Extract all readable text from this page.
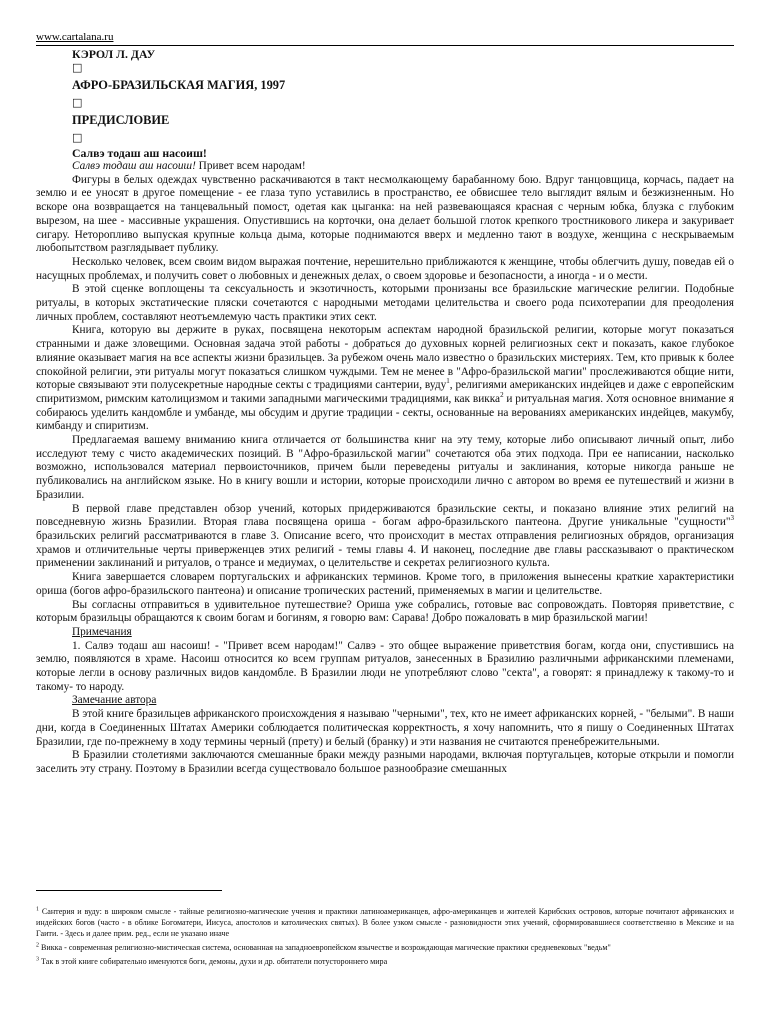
www.cartalana.ru
КЭРОЛ Л. ДАУ
□
АФРО-БРАЗИЛЬСКАЯ МАГИЯ, 1997
□
ПРЕДИСЛОВИЕ
□
Салвэ тодаш аш насоиш!

Салвэ тодаш аш насоиш! Привет всем народам!

Фигуры в белых одеждах чувственно раскачиваются в такт несмолкающему барабанному бою. Вдруг танцовщица, корчась, падает на землю и ее уносят в другое помещение - ее глаза тупо уставились в пространство, ее обвисшее тело выглядит вялым и безжизненным. Но вскоре она возвращается на танцевальный помост, одетая как цыганка: на ней развевающаяся красная с черным юбка, блузка с глубоким вырезом, на шее - массивные украшения. Опустившись на корточки, она делает большой глоток крепкого тростникового ликера и закуривает сигару. Неторопливо выпуская крупные кольца дыма, которые поднимаются вверх и медленно тают в воздухе, женщина с нескрываемым любопытством разглядывает публику.

Несколько человек, всем своим видом выражая почтение, нерешительно приближаются к женщине, чтобы облегчить душу, поведав ей о насущных проблемах, и получить совет о любовных и денежных делах, о своем здоровье и безопасности, а иногда - и о мести.

В этой сценке воплощены та сексуальность и экзотичность, которыми пронизаны все бразильские магические религии. Подобные ритуалы, в которых экстатические пляски сочетаются с народными методами целительства и своего рода психотерапии для преодоления личных проблем, составляют неотъемлемую часть практики этих сект.

Книга, которую вы держите в руках, посвящена некоторым аспектам народной бразильской религии, которые могут показаться странными и даже зловещими. Основная задача этой работы - добраться до духовных корней религиозных сект и показать, какое глубокое влияние оказывает магия на все аспекты жизни бразильцев. За рубежом очень мало известно о бразильских мистериях. Тем, кто привык к более спокойной религии, эти ритуалы могут показаться слишком чуждыми. Тем не менее в "Афро-бразильской магии" прослеживаются общие нити, которые связывают эти полусекретные народные секты с традициями сантерии, вуду$^1$, религиями американских индейцев и даже с европейским спиритизмом, римским католицизмом и такими западными магическими традициями, как викка$^2$ и ритуальная магия. Хотя основное внимание я собираюсь уделить кандомбле и умбанде, мы обсудим и другие традиции - секты, основанные на верованиях американских индейцев, макумбу, кимбанду и спиритизм.

Предлагаемая вашему вниманию книга отличается от большинства книг на эту тему, которые либо описывают личный опыт, либо исследуют тему с чисто академических позиций. В "Афро-бразильской магии" сочетаются оба этих подхода. При ее написании, насколько возможно, использовался материал первоисточников, причем были переведены ритуалы и заклинания, которые никогда раньше не публиковались на английском языке. Но в книгу вошли и истории, которые происходили лично с автором во время ее путешествий и жизни в Бразилии.

В первой главе представлен обзор учений, которых придерживаются бразильские секты, и показано влияние этих религий на повседневную жизнь Бразилии. Вторая глава посвящена ориша - богам афро-бразильского пантеона. Другие уникальные "сущности"$^3$ бразильских религий рассматриваются в главе 3. Описание всего, что происходит в местах отправления религиозных обрядов, организация храмов и отличительные черты приверженцев этих религий - темы главы 4. И наконец, последние две главы рассказывают о практическом применении заклинаний и ритуалов, о трансе и медиумах, о целительстве и секретах религиозного культа.

Книга завершается словарем португальских и африканских терминов. Кроме того, в приложения вынесены краткие характеристики ориша (богов афро-бразильского пантеона) и описание тропических растений, применяемых в магии и целительстве.

Вы согласны отправиться в удивительное путешествие? Ориша уже собрались, готовые вас сопровождать. Повторяя приветствие, с которым бразильцы обращаются к своим богам и богиням, я говорю вам: Сарава! Добро пожаловать в мир бразильской магии!

Примечания

1. Салвэ тодаш аш насоиш! - "Привет всем народам!" Салвэ - это общее выражение приветствия богам, когда они, спустившись на землю, появляются в храме. Насоиш относится ко всем группам ритуалов, занесенных в Бразилию различными африканскими племенами, которые легли в основу различных видов кандомбле. В Бразилии люди не употребляют слово "секта", а говорят: я принадлежу к такому-то и такому- то народу.

Замечание автора

В этой книге бразильцев африканского происхождения я называю "черными", тех, кто не имеет африканских корней, - "белыми". В наши дни, когда в Соединенных Штатах Америки соблюдается политическая корректность, я хочу напомнить, что я пишу о Соединенных Штатах Бразилии, где по-прежнему в ходу термины черный (прету) и белый (бранку) и эти названия не считаются пренебрежительными.

В Бразилии столетиями заключаются смешанные браки между разными народами, включая португальцев, которые открыли и помогли заселить эту страну. Поэтому в Бразилии всегда существовало большое разнообразие смешанных

$^1$ Сантерия и вуду: в широком смысле - тайные религиозно-магические учения и практики латиноамериканцев, афро-американцев и жителей Карибских островов, которые почитают африканских и индейских богов (часто - в облике Богоматери, Иисуса, апостолов и католических святых). В более узком смысле - разновидности этих учений, сформировавшиеся соответственно в Мексике и на Гаити. - Здесь и далее прим. ред., если не указано иначе

$^2$ Викка - современная религиозно-мистическая система, основанная на западноевропейском язычестве и возрождающая магические практики средневековых "ведьм"

$^3$ Так в этой книге собирательно именуются боги, демоны, духи и др. обитатели потустороннего мира
